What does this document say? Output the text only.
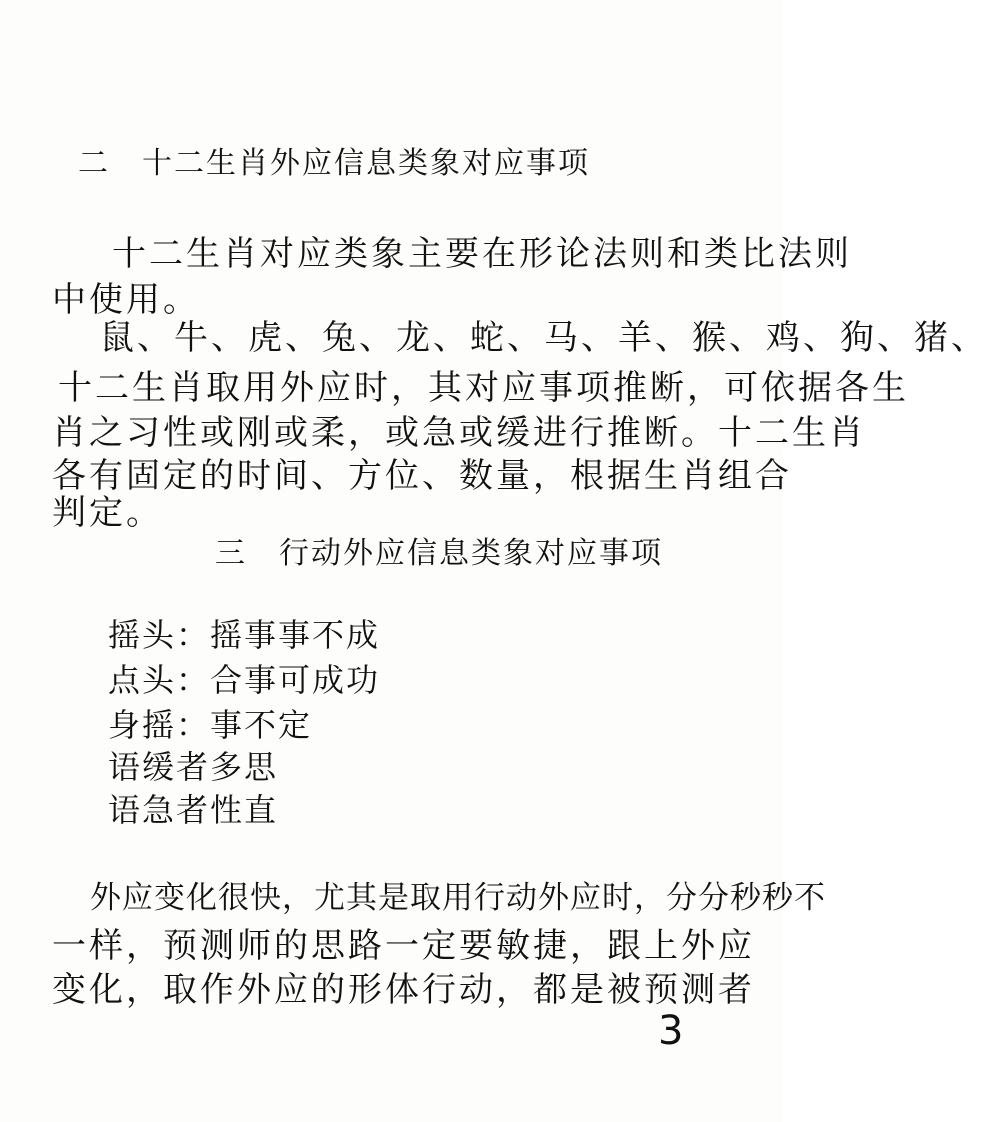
二　十二生肖外应信息类象对应事项
十二生肖对应类象主要在形论法则和类比法则
中使用。
鼠、牛、虎、兔、龙、蛇、马、羊、猴、鸡、狗、猪、
十二生肖取用外应时，其对应事项推断，可依据各生
肖之习性或刚或柔，或急或缓进行推断。十二生肖
各有固定的时间、方位、数量，根据生肖组合
判定。
三　行动外应信息类象对应事项
摇头：摇事事不成
点头：合事可成功
身摇：事不定
语缓者多思
语急者性直
外应变化很快，尤其是取用行动外应时，分分秒秒不
一样，预测师的思路一定要敏捷，跟上外应
变化，取作外应的形体行动，都是被预测者
3
